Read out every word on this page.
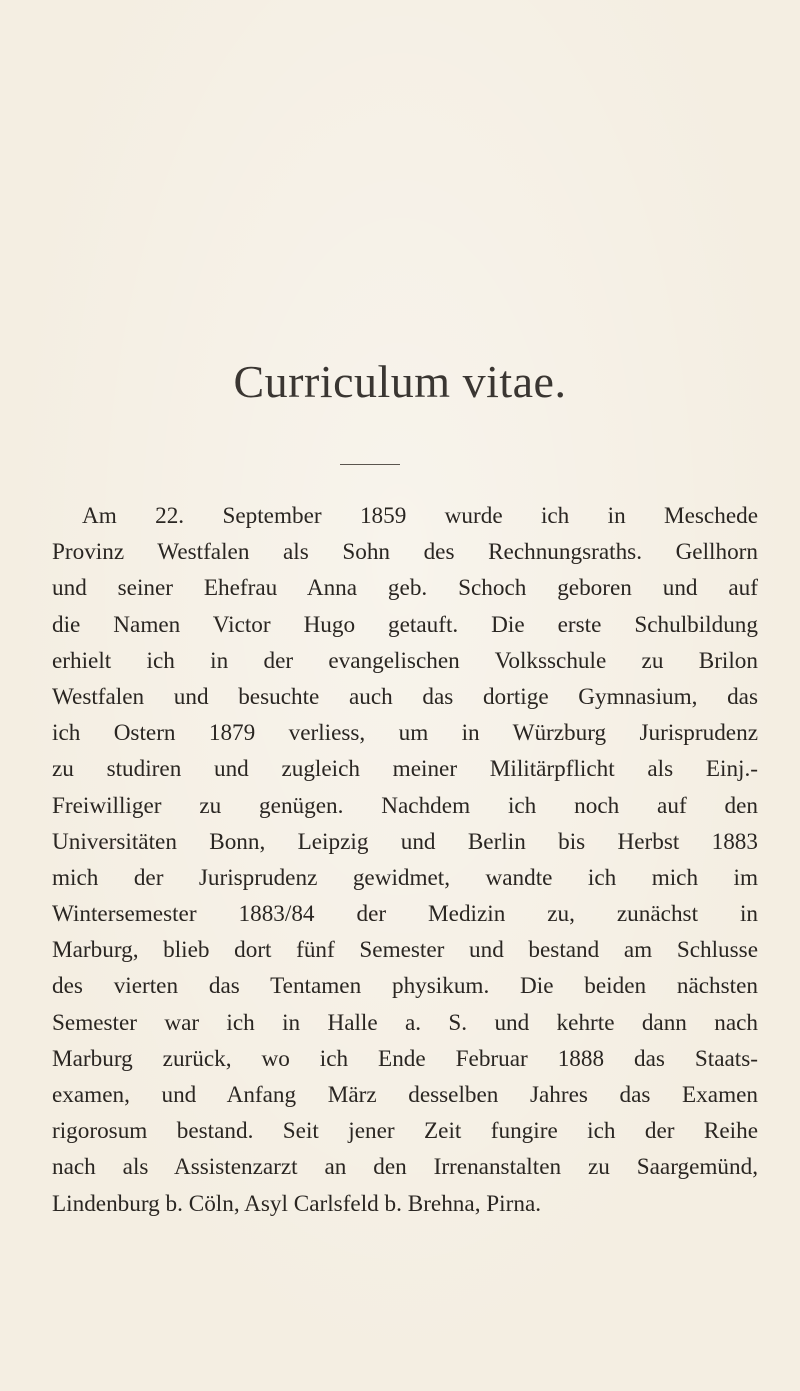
Curriculum vitae.
Am 22. September 1859 wurde ich in Meschede
Provinz Westfalen als Sohn des Rechnungsraths. Gellhorn
und seiner Ehefrau Anna geb. Schoch geboren und auf
die Namen Victor Hugo getauft. Die erste Schulbildung
erhielt ich in der evangelischen Volksschule zu Brilon
Westfalen und besuchte auch das dortige Gymnasium, das
ich Ostern 1879 verliess, um in Würzburg Jurisprudenz
zu studiren und zugleich meiner Militärpflicht als Einj.-
Freiwilliger zu genügen. Nachdem ich noch auf den
Universitäten Bonn, Leipzig und Berlin bis Herbst 1883
mich der Jurisprudenz gewidmet, wandte ich mich im
Wintersemester 1883/84 der Medizin zu, zunächst in
Marburg, blieb dort fünf Semester und bestand am Schlusse
des vierten das Tentamen physikum. Die beiden nächsten
Semester war ich in Halle a. S. und kehrte dann nach
Marburg zurück, wo ich Ende Februar 1888 das Staats-
examen, und Anfang März desselben Jahres das Examen
rigorosum bestand. Seit jener Zeit fungire ich der Reihe
nach als Assistenzarzt an den Irrenanstalten zu Saargemünd,
Lindenburg b. Cöln, Asyl Carlsfeld b. Brehna, Pirna.
